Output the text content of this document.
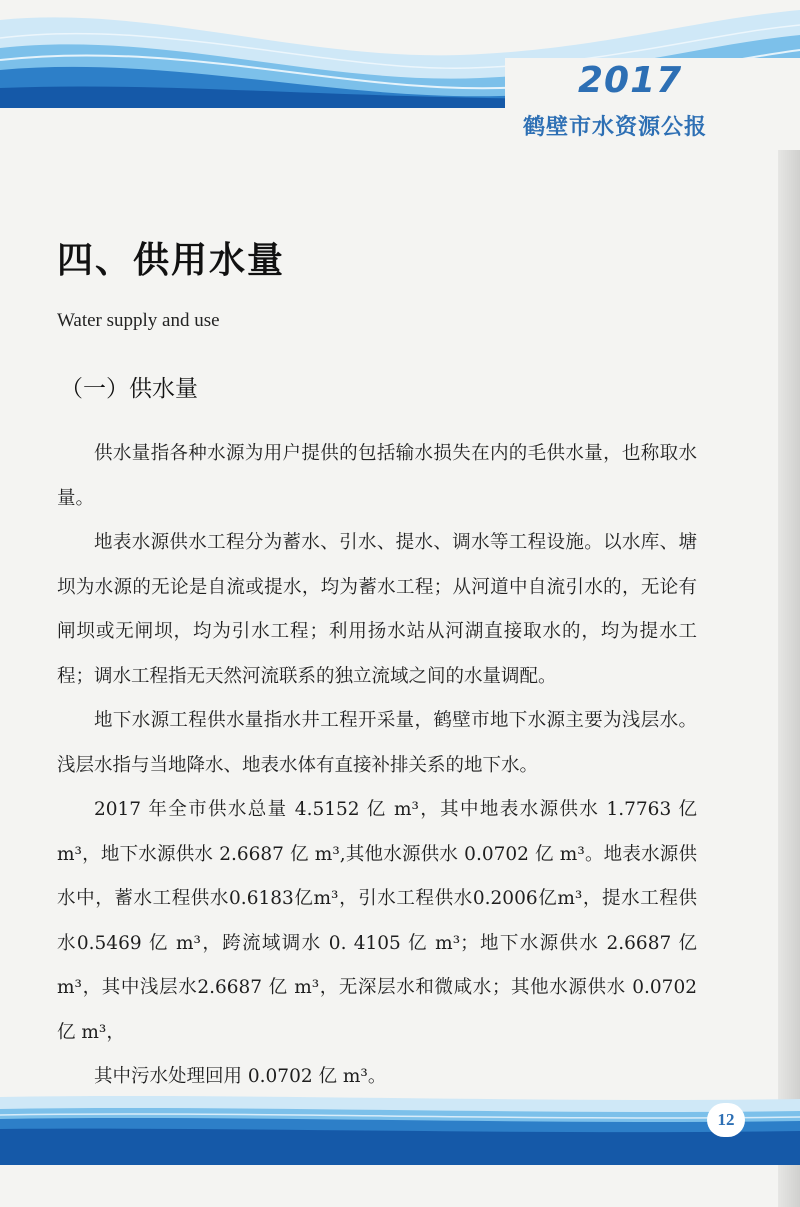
2017
鹤壁市水资源公报
四、供用水量
Water supply and use
（一）供水量

供水量指各种水源为用户提供的包括输水损失在内的毛供水量，也称取水量。

地表水源供水工程分为蓄水、引水、提水、调水等工程设施。以水库、塘坝为水源的无论是自流或提水，均为蓄水工程；从河道中自流引水的，无论有闸坝或无闸坝，均为引水工程；利用扬水站从河湖直接取水的，均为提水工程；调水工程指无天然河流联系的独立流域之间的水量调配。

地下水源工程供水量指水井工程开采量，鹤壁市地下水源主要为浅层水。浅层水指与当地降水、地表水体有直接补排关系的地下水。

2017 年全市供水总量 4.5152 亿 m³，其中地表水源供水 1.7763 亿 m³，地下水源供水 2.6687 亿 m³,其他水源供水 0.0702 亿 m³。地表水源供水中，蓄水工程供水0.6183亿m³，引水工程供水0.2006亿m³，提水工程供水0.5469 亿 m³，跨流域调水 0. 4105 亿 m³；地下水源供水 2.6687 亿 m³，其中浅层水2.6687 亿 m³，无深层水和微咸水；其他水源供水 0.0702 亿 m³，

其中污水处理回用 0.0702 亿 m³。

12
